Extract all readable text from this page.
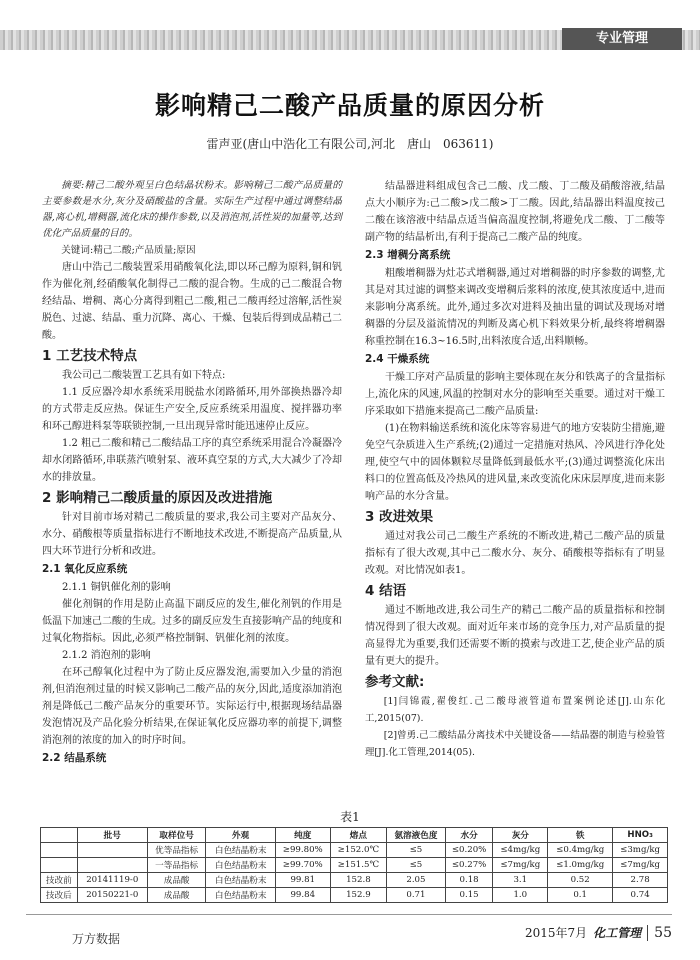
专业管理
影响精己二酸产品质量的原因分析
雷声亚(唐山中浩化工有限公司,河北　唐山　063611)

摘要:精己二酸外观呈白色结晶状粉末。影响精己二酸产品质量的主要参数是水分,灰分及硝酸盐的含量。实际生产过程中通过调整结晶器,离心机,增稠器,流化床的操作参数,以及消泡剂,活性炭的加量等,达到优化产品质量的目的。

关键词:精己二酸;产品质量;原因

唐山中浩己二酸装置采用硝酸氧化法,即以环己醇为原料,铜和钒作为催化剂,经硝酸氧化制得己二酸的混合物。生成的己二酸混合物经结晶、增稠、离心分离得到粗己二酸,粗己二酸再经过溶解,活性炭脱色、过滤、结晶、重力沉降、离心、干燥、包装后得到成品精己二酸。

1 工艺技术特点

我公司己二酸装置工艺具有如下特点:

1.1 反应器冷却水系统采用脱盐水闭路循环,用外部换热器冷却的方式带走反应热。保证生产安全,反应系统采用温度、搅拌器功率和环己醇进料泵等联锁控制,一旦出现异常时能迅速停止反应。

1.2 粗己二酸和精己二酸结晶工序的真空系统采用混合冷凝器冷却水闭路循环,串联蒸汽喷射泵、液环真空泵的方式,大大减少了冷却水的排放量。

2 影响精己二酸质量的原因及改进措施

针对目前市场对精己二酸质量的要求,我公司主要对产品灰分、水分、硝酸根等质量指标进行不断地技术改进,不断提高产品质量,从四大环节进行分析和改进。

2.1 氧化反应系统

2.1.1 铜钒催化剂的影响

催化剂铜的作用是防止高温下副反应的发生,催化剂钒的作用是低温下加速己二酸的生成。过多的副反应发生直接影响产品的纯度和过氧化物指标。因此,必须严格控制铜、钒催化剂的浓度。

2.1.2 消泡剂的影响

在环己醇氧化过程中为了防止反应器发泡,需要加入少量的消泡剂,但消泡剂过量的时候又影响己二酸产品的灰分,因此,适度添加消泡剂是降低己二酸产品灰分的重要环节。实际运行中,根据现场结晶器发泡情况及产品化验分析结果,在保证氧化反应器功率的前提下,调整消泡剂的浓度的加入的时序时间。

2.2 结晶系统

结晶器进料组成包含己二酸、戊二酸、丁二酸及硝酸溶液,结晶点大小顺序为:己二酸>戊二酸>丁二酸。因此,结晶器出料温度按己二酸在该溶液中结晶点适当偏高温度控制,将避免戊二酸、丁二酸等副产物的结晶析出,有利于提高己二酸产品的纯度。

2.3 增稠分离系统

粗酸增稠器为灶芯式增稠器,通过对增稠器的时序参数的调整,尤其是对其过滤的调整来调改变增稠后浆料的浓度,使其浓度适中,进而来影响分离系统。此外,通过多次对进料及抽出量的调试及现场对增稠器的分层及溢流情况的判断及离心机下料效果分析,最终将增稠器称重控制在16.3~16.5时,出料浓度合适,出料顺畅。

2.4 干燥系统

干燥工序对产品质量的影响主要体现在灰分和铁离子的含量指标上,流化床的风速,风温的控制对水分的影响至关重要。通过对干燥工序采取如下措施来提高己二酸产品质量:

(1)在物料输送系统和流化床等容易进气的地方安装防尘措施,避免空气杂质进入生产系统;(2)通过一定措施对热风、冷风进行净化处理,使空气中的固体颗粒尽量降低到最低水平;(3)通过调整流化床出料口的位置高低及冷热风的进风量,来改变流化床床层厚度,进而来影响产品的水分含量。

3 改进效果

通过对我公司己二酸生产系统的不断改进,精己二酸产品的质量指标有了很大改观,其中己二酸水分、灰分、硝酸根等指标有了明显改观。对比情况如表1。

4 结语

通过不断地改进,我公司生产的精己二酸产品的质量指标和控制情况得到了很大改观。面对近年来市场的竞争压力,对产品质量的提高显得尤为重要,我们还需要不断的摸索与改进工艺,使企业产品的质量有更大的提升。

参考文献:

[1]闫锦霞,翟俊红.己二酸母液管道布置案例论述[J].山东化工,2015(07).

[2]曾勇.己二酸结晶分离技术中关键设备——结晶器的制造与检验管理[J].化工管理,2014(05).

表1
	批号	取样位号	外观	纯度	熔点	氨溶液色度	水分	灰分	铁	HNO₃
		优等品指标	白色结晶粉末	≥99.80%	≥152.0℃	≤5	≤0.20%	≤4mg/kg	≤0.4mg/kg	≤3mg/kg
		一等品指标	白色结晶粉末	≥99.70%	≥151.5℃	≤5	≤0.27%	≤7mg/kg	≤1.0mg/kg	≤7mg/kg
技改前	20141119-0	成品酸	白色结晶粉末	99.81	152.8	2.05	0.18	3.1	0.52	2.78
技改后	20150221-0	成品酸	白色结晶粉末	99.84	152.9	0.71	0.15	1.0	0.1	0.74
万方数据	2015年7月 化工管理 55
